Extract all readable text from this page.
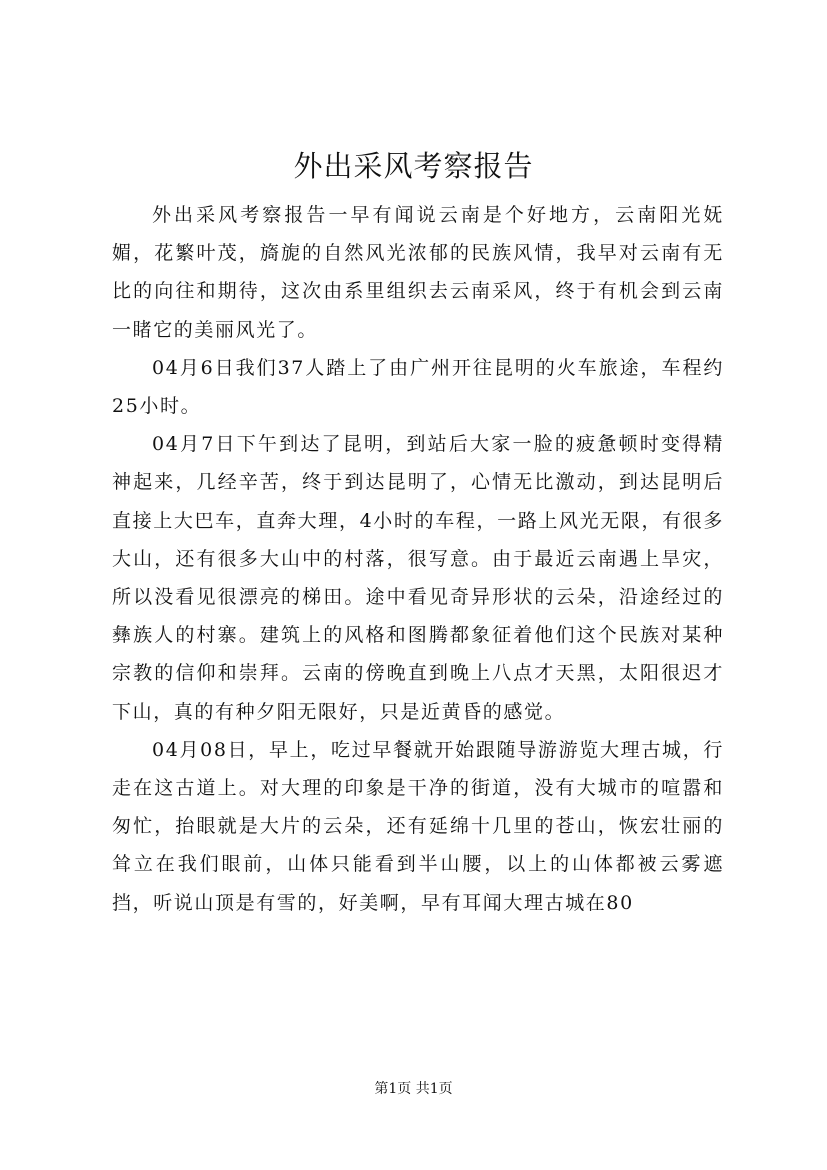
外出采风考察报告

外出采风考察报告一早有闻说云南是个好地方，云南阳光妩媚，花繁叶茂，旖旎的自然风光浓郁的民族风情，我早对云南有无比的向往和期待，这次由系里组织去云南采风，终于有机会到云南一睹它的美丽风光了。

04月6日我们37人踏上了由广州开往昆明的火车旅途，车程约25小时。

04月7日下午到达了昆明，到站后大家一脸的疲惫顿时变得精神起来，几经辛苦，终于到达昆明了，心情无比激动，到达昆明后直接上大巴车，直奔大理，4小时的车程，一路上风光无限，有很多大山，还有很多大山中的村落，很写意。由于最近云南遇上旱灾，所以没看见很漂亮的梯田。途中看见奇异形状的云朵，沿途经过的彝族人的村寨。建筑上的风格和图腾都象征着他们这个民族对某种宗教的信仰和崇拜。云南的傍晚直到晚上八点才天黑，太阳很迟才下山，真的有种夕阳无限好，只是近黄昏的感觉。

04月08日，早上，吃过早餐就开始跟随导游游览大理古城，行走在这古道上。对大理的印象是干净的街道，没有大城市的喧嚣和匆忙，抬眼就是大片的云朵，还有延绵十几里的苍山，恢宏壮丽的耸立在我们眼前，山体只能看到半山腰，以上的山体都被云雾遮挡，听说山顶是有雪的，好美啊，早有耳闻大理古城在80

第1页 共1页
